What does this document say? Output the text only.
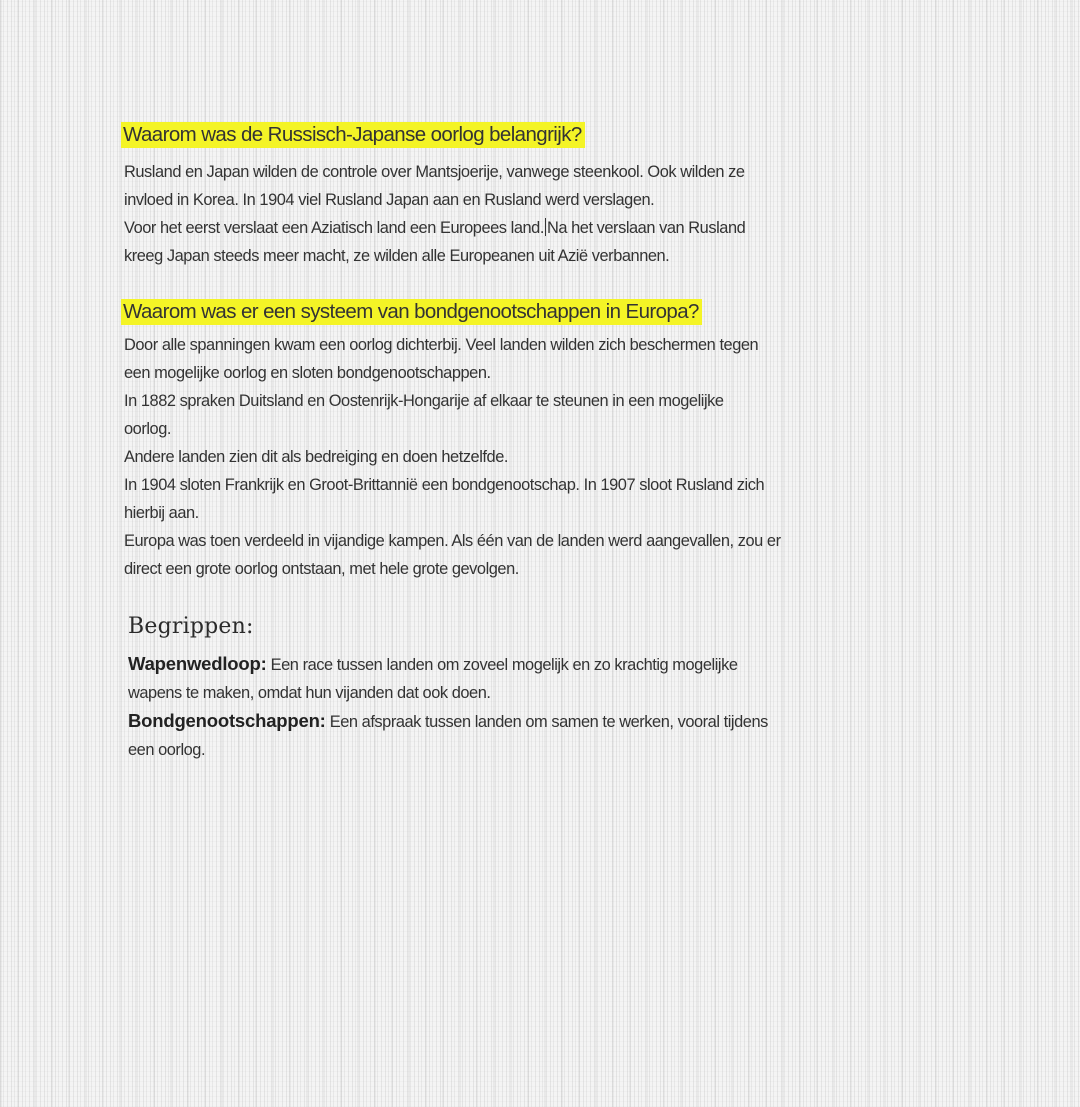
Waarom was de Russisch-Japanse oorlog belangrijk?

Rusland en Japan wilden de controle over Mantsjoerije, vanwege steenkool. Ook wilden ze

invloed in Korea. In 1904 viel Rusland Japan aan en Rusland werd verslagen.

Voor het eerst verslaat een Aziatisch land een Europees land. Na het verslaan van Rusland

kreeg Japan steeds meer macht, ze wilden alle Europeanen uit Azië verbannen.

Waarom was er een systeem van bondgenootschappen in Europa?

Door alle spanningen kwam een oorlog dichterbij. Veel landen wilden zich beschermen tegen

een mogelijke oorlog en sloten bondgenootschappen.

In 1882 spraken Duitsland en Oostenrijk-Hongarije af elkaar te steunen in een mogelijke

oorlog.

Andere landen zien dit als bedreiging en doen hetzelfde.

In 1904 sloten Frankrijk en Groot-Brittannië een bondgenootschap. In 1907 sloot Rusland zich

hierbij aan.

Europa was toen verdeeld in vijandige kampen. Als één van de landen werd aangevallen, zou er

direct een grote oorlog ontstaan, met hele grote gevolgen.

Begrippen:

Wapenwedloop: Een race tussen landen om zoveel mogelijk en zo krachtig mogelijke

wapens te maken, omdat hun vijanden dat ook doen.

Bondgenootschappen: Een afspraak tussen landen om samen te werken, vooral tijdens

een oorlog.
